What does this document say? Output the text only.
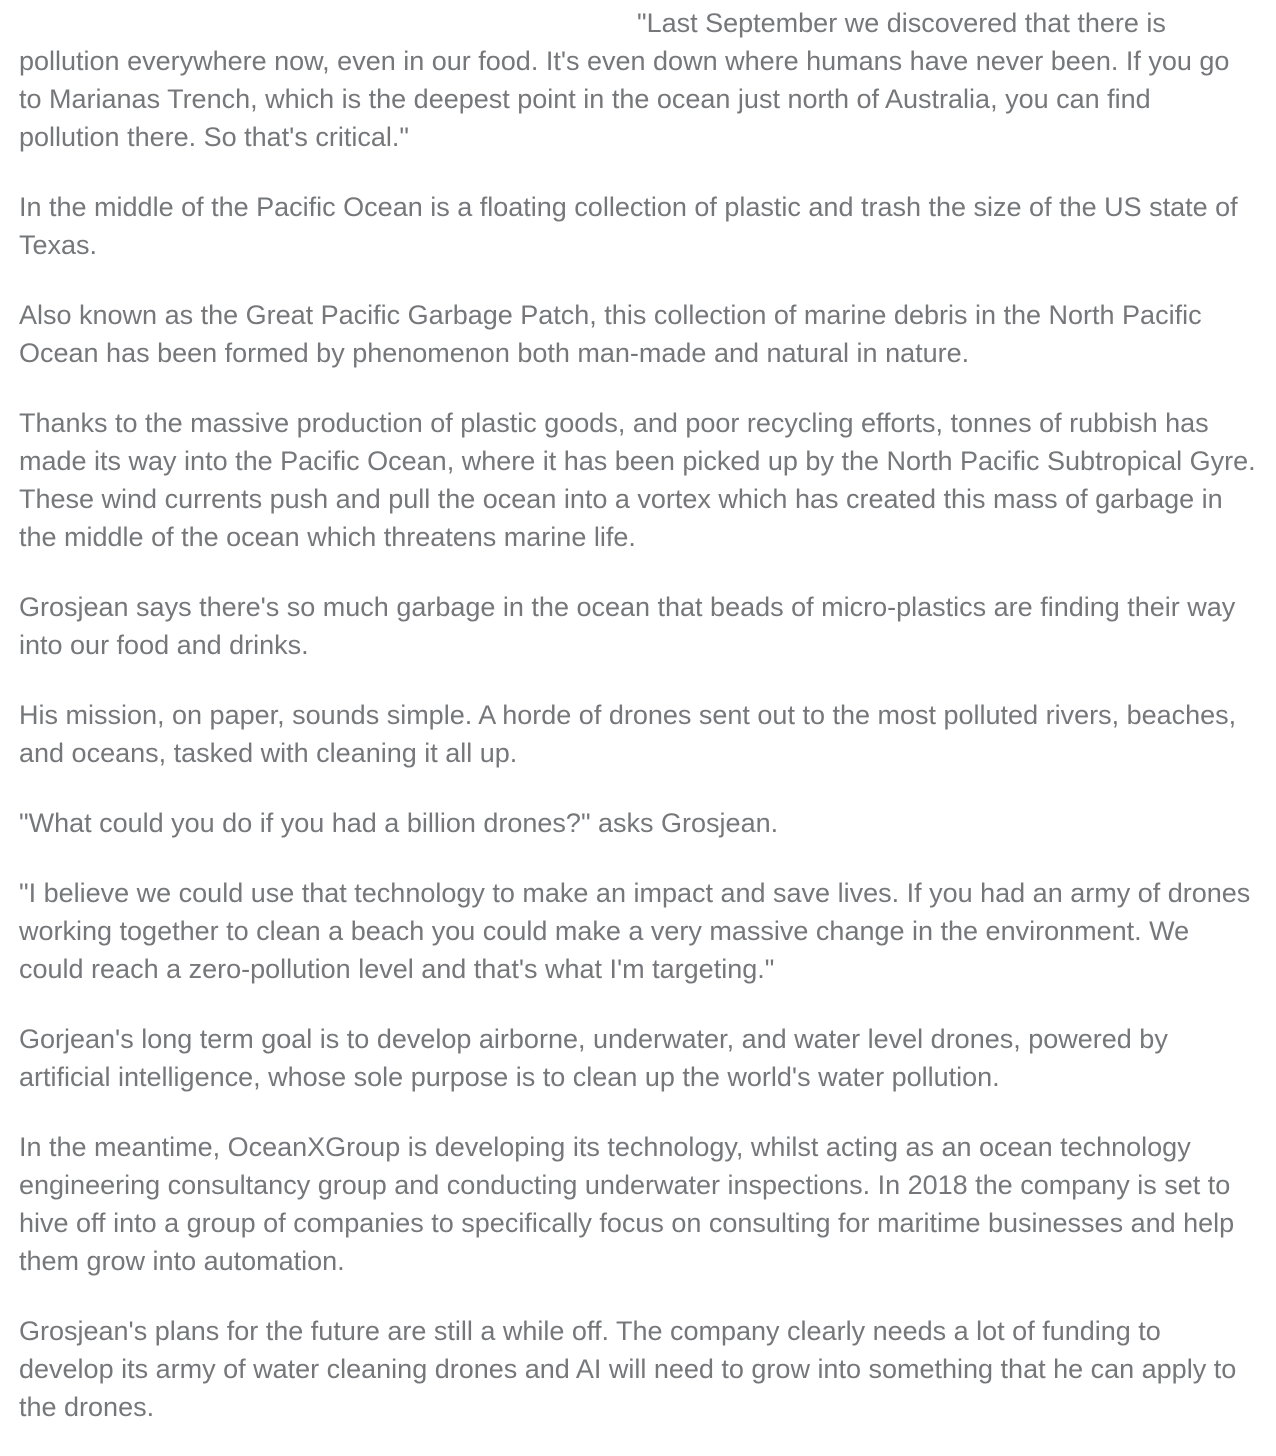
"Last September we discovered that there is pollution everywhere now, even in our food. It's even down where humans have never been. If you go to Marianas Trench, which is the deepest point in the ocean just north of Australia, you can find pollution there. So that's critical."

In the middle of the Pacific Ocean is a floating collection of plastic and trash the size of the US state of Texas.

Also known as the Great Pacific Garbage Patch, this collection of marine debris in the North Pacific Ocean has been formed by phenomenon both man-made and natural in nature.

Thanks to the massive production of plastic goods, and poor recycling efforts, tonnes of rubbish has made its way into the Pacific Ocean, where it has been picked up by the North Pacific Subtropical Gyre. These wind currents push and pull the ocean into a vortex which has created this mass of garbage in the middle of the ocean which threatens marine life.

Grosjean says there's so much garbage in the ocean that beads of micro-plastics are finding their way into our food and drinks.

His mission, on paper, sounds simple. A horde of drones sent out to the most polluted rivers, beaches, and oceans, tasked with cleaning it all up.

"What could you do if you had a billion drones?" asks Grosjean.

"I believe we could use that technology to make an impact and save lives. If you had an army of drones working together to clean a beach you could make a very massive change in the environment. We could reach a zero-pollution level and that's what I'm targeting."

Gorjean's long term goal is to develop airborne, underwater, and water level drones, powered by artificial intelligence, whose sole purpose is to clean up the world's water pollution.

In the meantime, OceanXGroup is developing its technology, whilst acting as an ocean technology engineering consultancy group and conducting underwater inspections. In 2018 the company is set to hive off into a group of companies to specifically focus on consulting for maritime businesses and help them grow into automation.

Grosjean's plans for the future are still a while off. The company clearly needs a lot of funding to develop its army of water cleaning drones and AI will need to grow into something that he can apply to the drones.
